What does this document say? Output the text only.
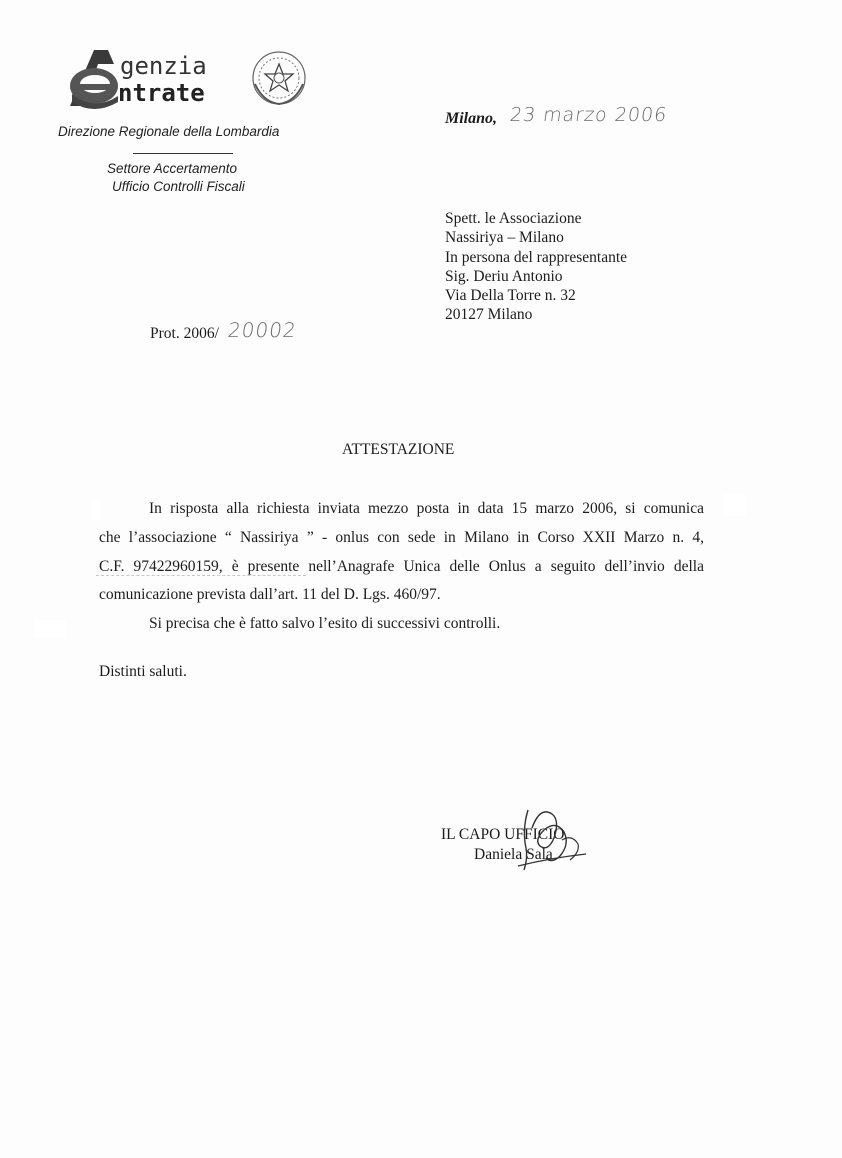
genzia
ntrate
Direzione Regionale della Lombardia
Settore Accertamento
Ufficio Controlli Fiscali
Milano, 23 marzo 2006
Spett. le Associazione
Nassiriya – Milano
In persona del rappresentante
Sig. Deriu Antonio
Via Della Torre n. 32
20127 Milano
Prot. 2006/ 20002
ATTESTAZIONE
In risposta alla richiesta inviata mezzo posta in data 15 marzo 2006, si comunica
che l’associazione “ Nassiriya ” - onlus con sede in Milano in Corso XXII Marzo n. 4,
C.F. 97422960159, è presente nell’Anagrafe Unica delle Onlus a seguito dell’invio della
comunicazione prevista dall’art. 11 del D. Lgs. 460/97.
Si precisa che è fatto salvo l’esito di successivi controlli.
Distinti saluti.
IL CAPO UFFICIO
Daniela Sala
